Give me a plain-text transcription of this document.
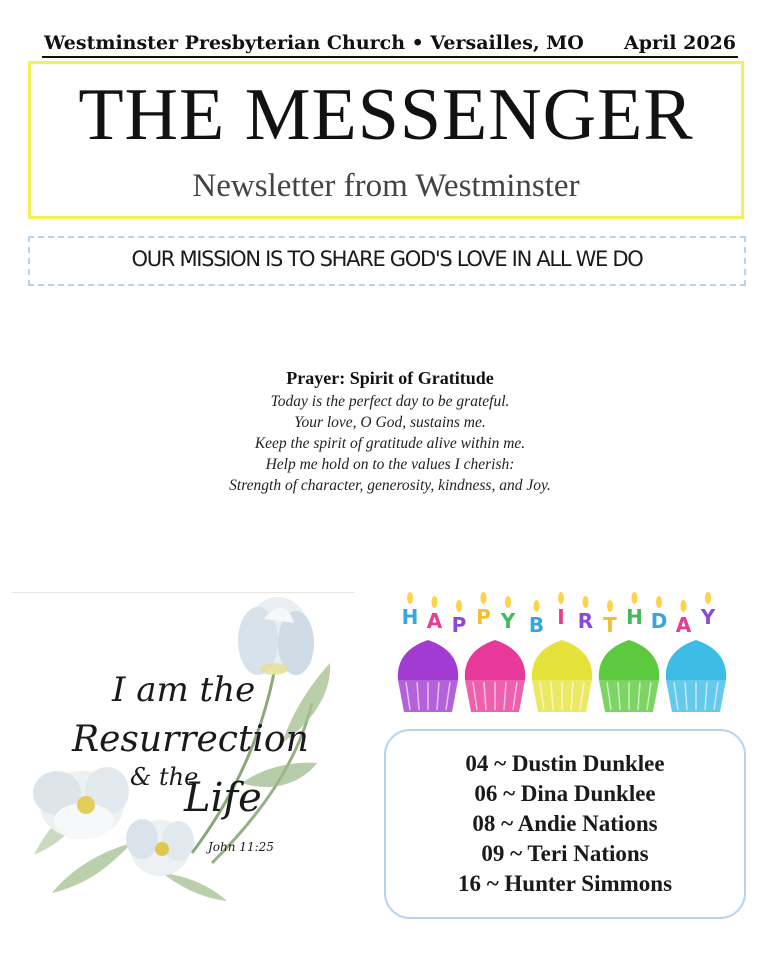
Westminster Presbyterian Church • Versailles, MO April 2026
THE MESSENGER
Newsletter from Westminster
OUR MISSION IS TO SHARE GOD'S LOVE IN ALL WE DO
Prayer: Spirit of Gratitude
Today is the perfect day to be grateful.
Your love, O God, sustains me.
Keep the spirit of gratitude alive within me.
Help me hold on to the values I cherish:
Strength of character, generosity, kindness, and Joy.
I am the
Resurrection
& the
Life
John 11:25
H A P P Y B I R T H D A Y
04 ~ Dustin Dunklee
06 ~ Dina Dunklee
08 ~ Andie Nations
09 ~ Teri Nations
16 ~ Hunter Simmons
